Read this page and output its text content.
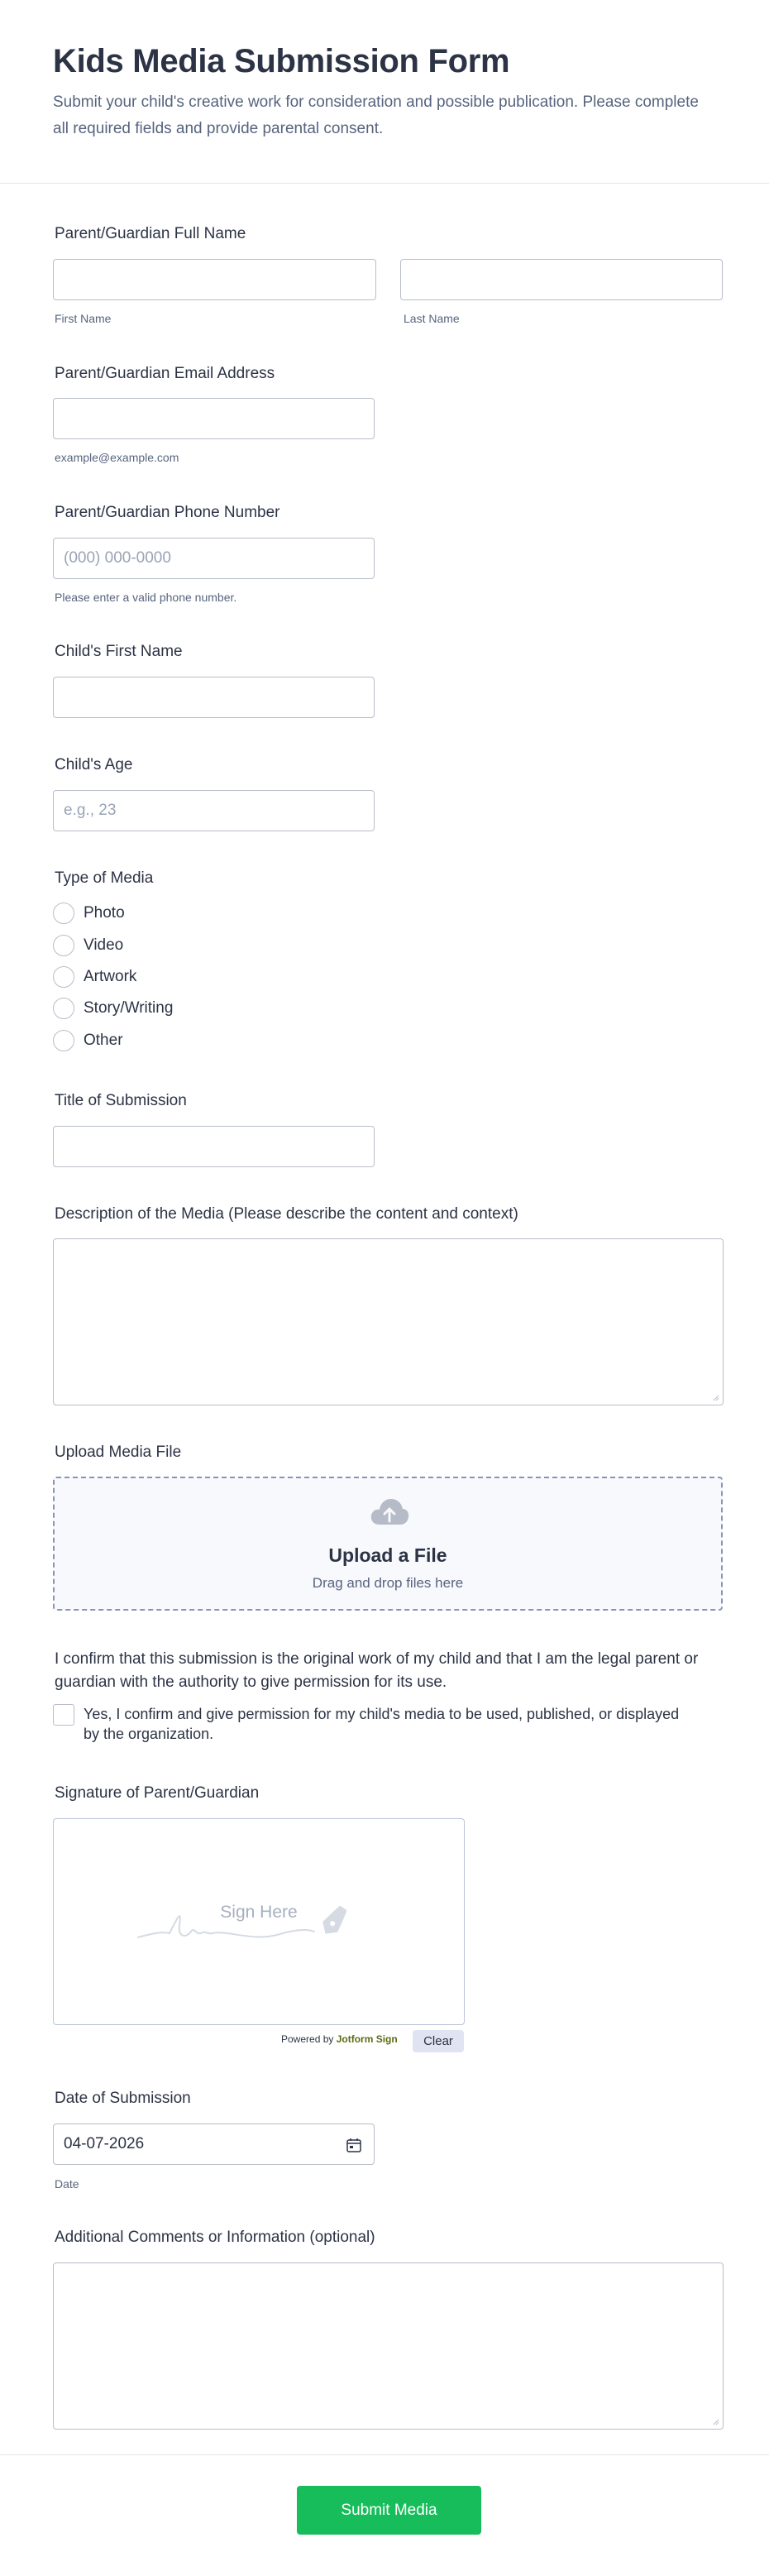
Kids Media Submission Form

Submit your child's creative work for consideration and possible publication. Please complete all required fields and provide parental consent.

Parent/Guardian Full Name
First Name	Last Name
Parent/Guardian Email Address
example@example.com
Parent/Guardian Phone Number
(000) 000-0000
Please enter a valid phone number.
Child's First Name
Child's Age
e.g., 23
Type of Media
Photo
Video
Artwork
Story/Writing
Other
Title of Submission
Description of the Media (Please describe the content and context)
Upload Media File
Upload a File
Drag and drop files here
I confirm that this submission is the original work of my child and that I am the legal parent or guardian with the authority to give permission for its use.
Yes, I confirm and give permission for my child's media to be used, published, or displayed by the organization.
Signature of Parent/Guardian
Sign Here
Powered by Jotform Sign	Clear
Date of Submission
04-07-2026
Date
Additional Comments or Information (optional)
Submit Media
